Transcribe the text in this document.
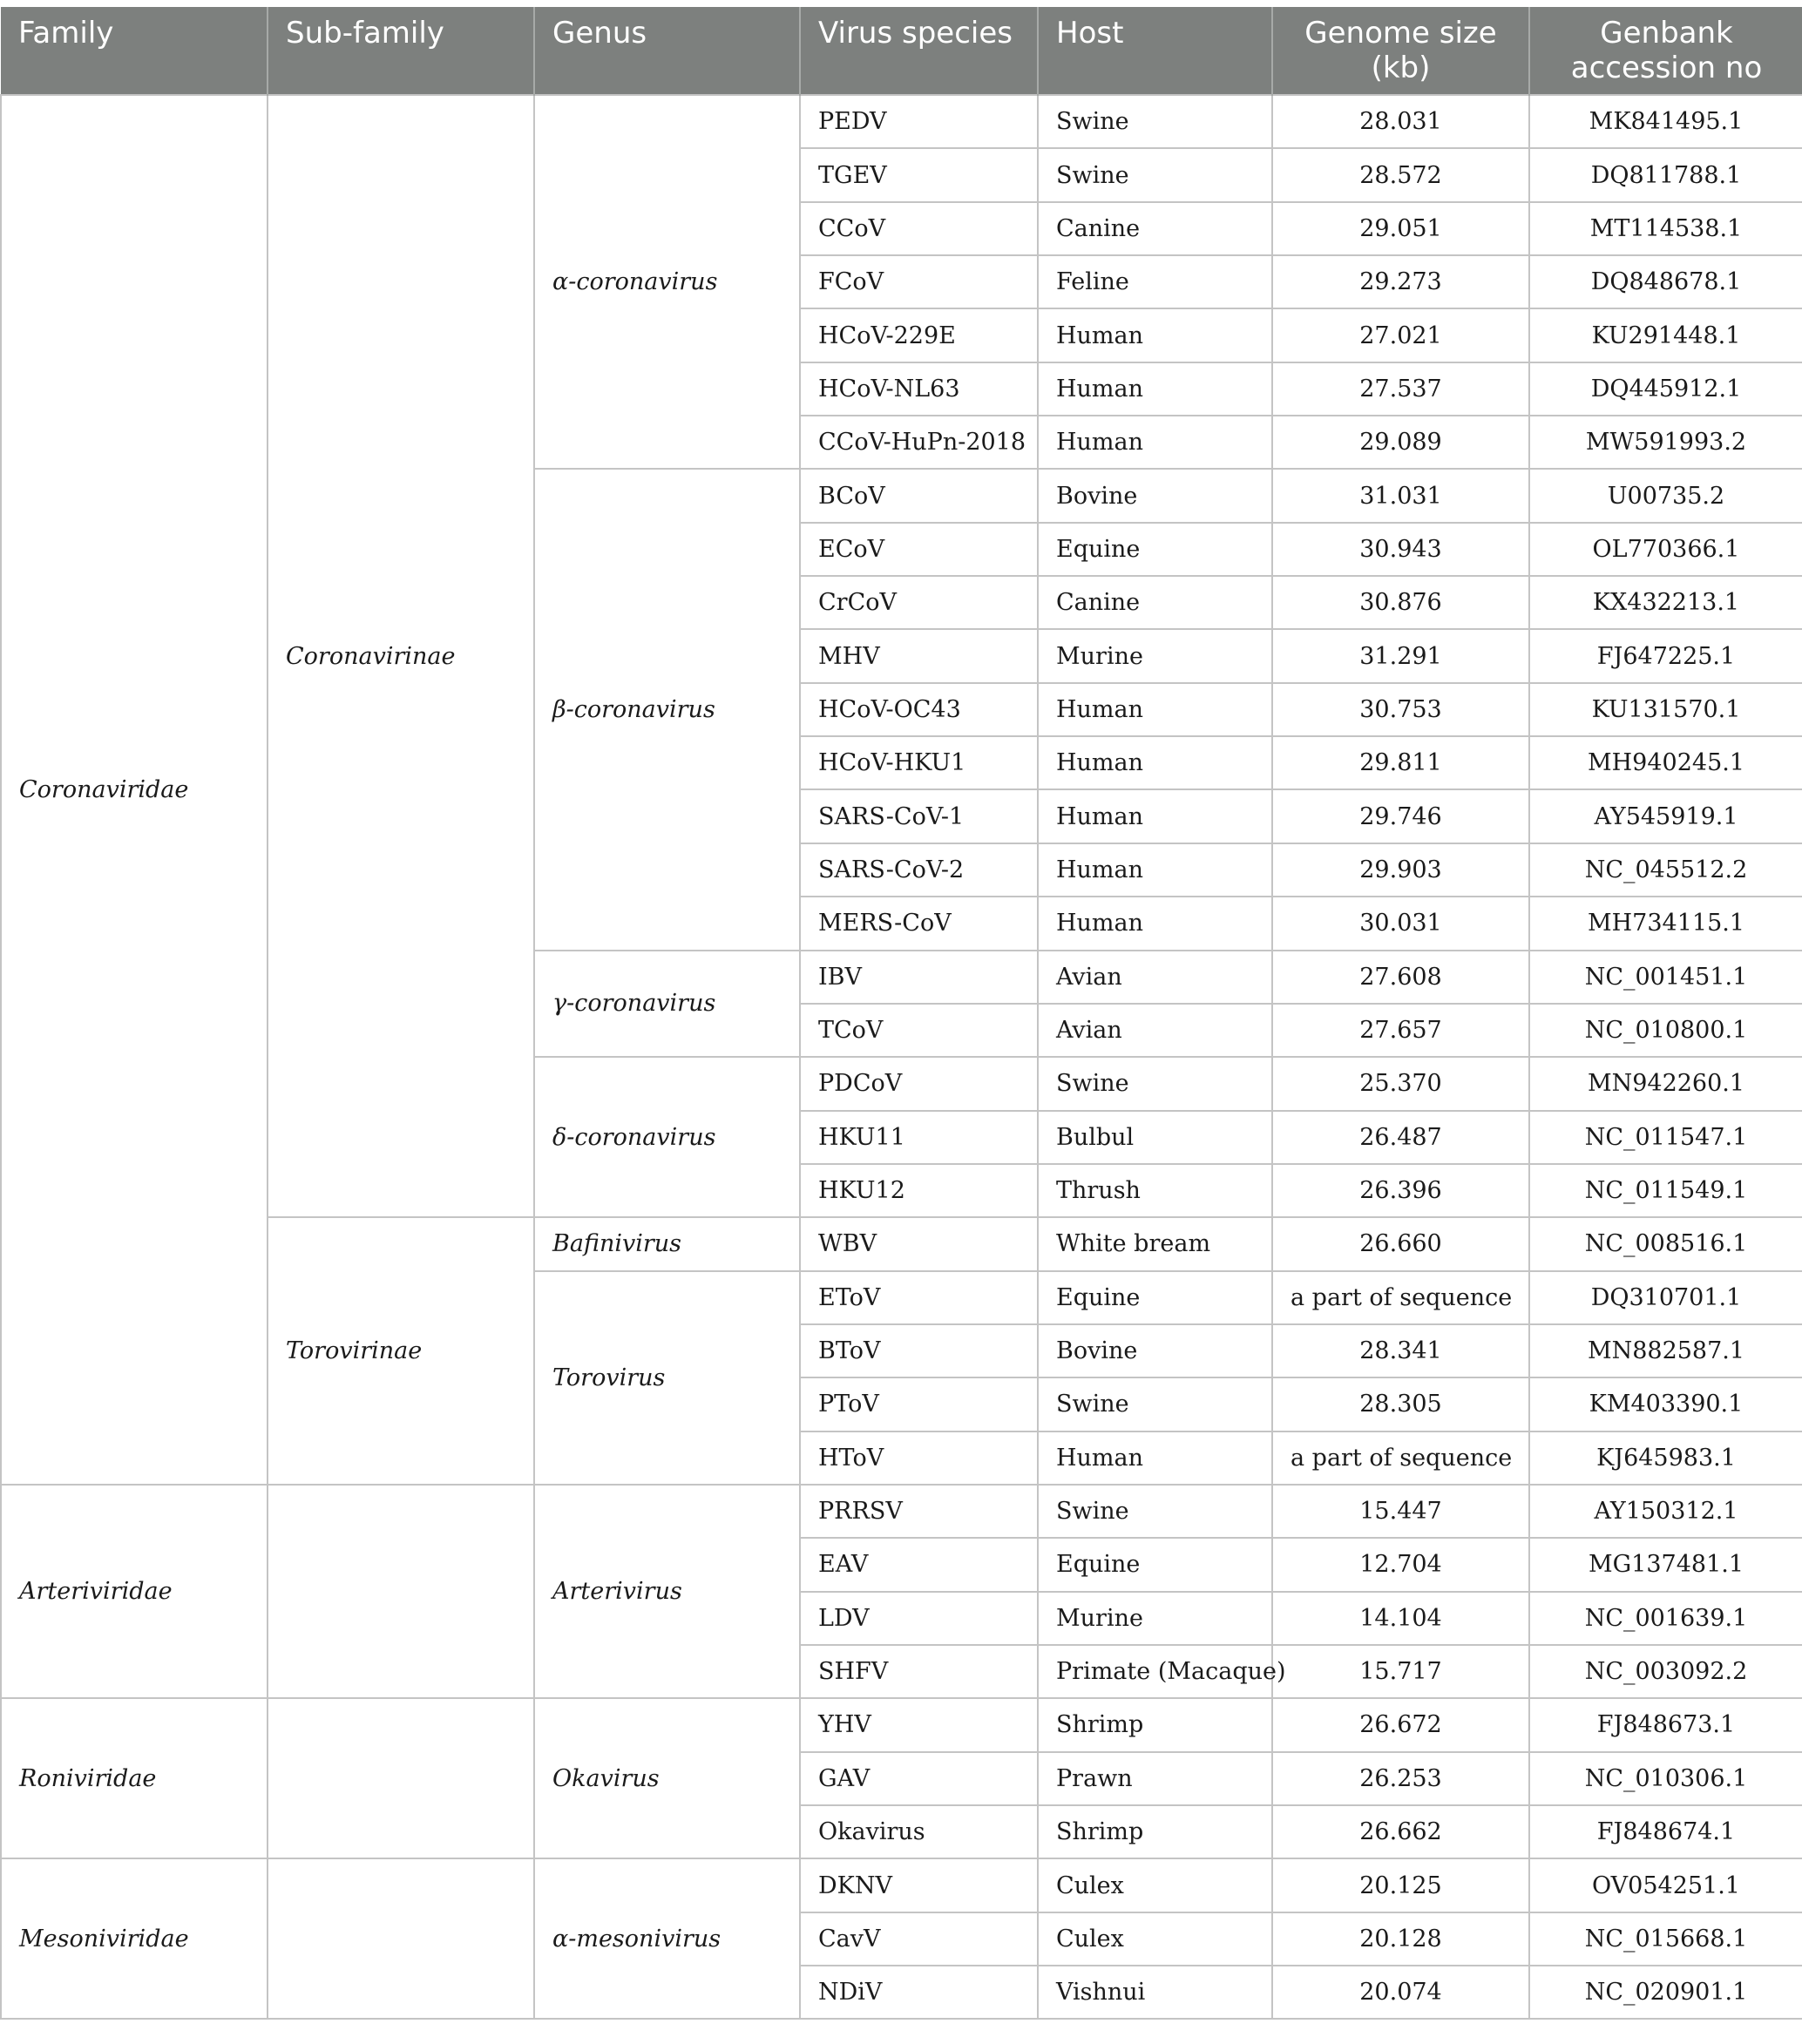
Family	Sub-family	Genus	Virus species	Host	Genome size (kb)	Genbank accession no
Coronaviridae	Coronavirinae	α-coronavirus	PEDV	Swine	28.031	MK841495.1
			TGEV	Swine	28.572	DQ811788.1
			CCoV	Canine	29.051	MT114538.1
			FCoV	Feline	29.273	DQ848678.1
			HCoV-229E	Human	27.021	KU291448.1
			HCoV-NL63	Human	27.537	DQ445912.1
			CCoV-HuPn-2018	Human	29.089	MW591993.2
		β-coronavirus	BCoV	Bovine	31.031	U00735.2
			ECoV	Equine	30.943	OL770366.1
			CrCoV	Canine	30.876	KX432213.1
			MHV	Murine	31.291	FJ647225.1
			HCoV-OC43	Human	30.753	KU131570.1
			HCoV-HKU1	Human	29.811	MH940245.1
			SARS-CoV-1	Human	29.746	AY545919.1
			SARS-CoV-2	Human	29.903	NC_045512.2
			MERS-CoV	Human	30.031	MH734115.1
		γ-coronavirus	IBV	Avian	27.608	NC_001451.1
			TCoV	Avian	27.657	NC_010800.1
		δ-coronavirus	PDCoV	Swine	25.370	MN942260.1
			HKU11	Bulbul	26.487	NC_011547.1
			HKU12	Thrush	26.396	NC_011549.1
	Torovirinae	Bafinivirus	WBV	White bream	26.660	NC_008516.1
		Torovirus	EToV	Equine	a part of sequence	DQ310701.1
			BToV	Bovine	28.341	MN882587.1
			PToV	Swine	28.305	KM403390.1
			HToV	Human	a part of sequence	KJ645983.1
Arteriviridae		Arterivirus	PRRSV	Swine	15.447	AY150312.1
			EAV	Equine	12.704	MG137481.1
			LDV	Murine	14.104	NC_001639.1
			SHFV	Primate (Macaque)	15.717	NC_003092.2
Roniviridae		Okavirus	YHV	Shrimp	26.672	FJ848673.1
			GAV	Prawn	26.253	NC_010306.1
			Okavirus	Shrimp	26.662	FJ848674.1
Mesoniviridae		α-mesonivirus	DKNV	Culex	20.125	OV054251.1
			CavV	Culex	20.128	NC_015668.1
			NDiV	Vishnui	20.074	NC_020901.1
